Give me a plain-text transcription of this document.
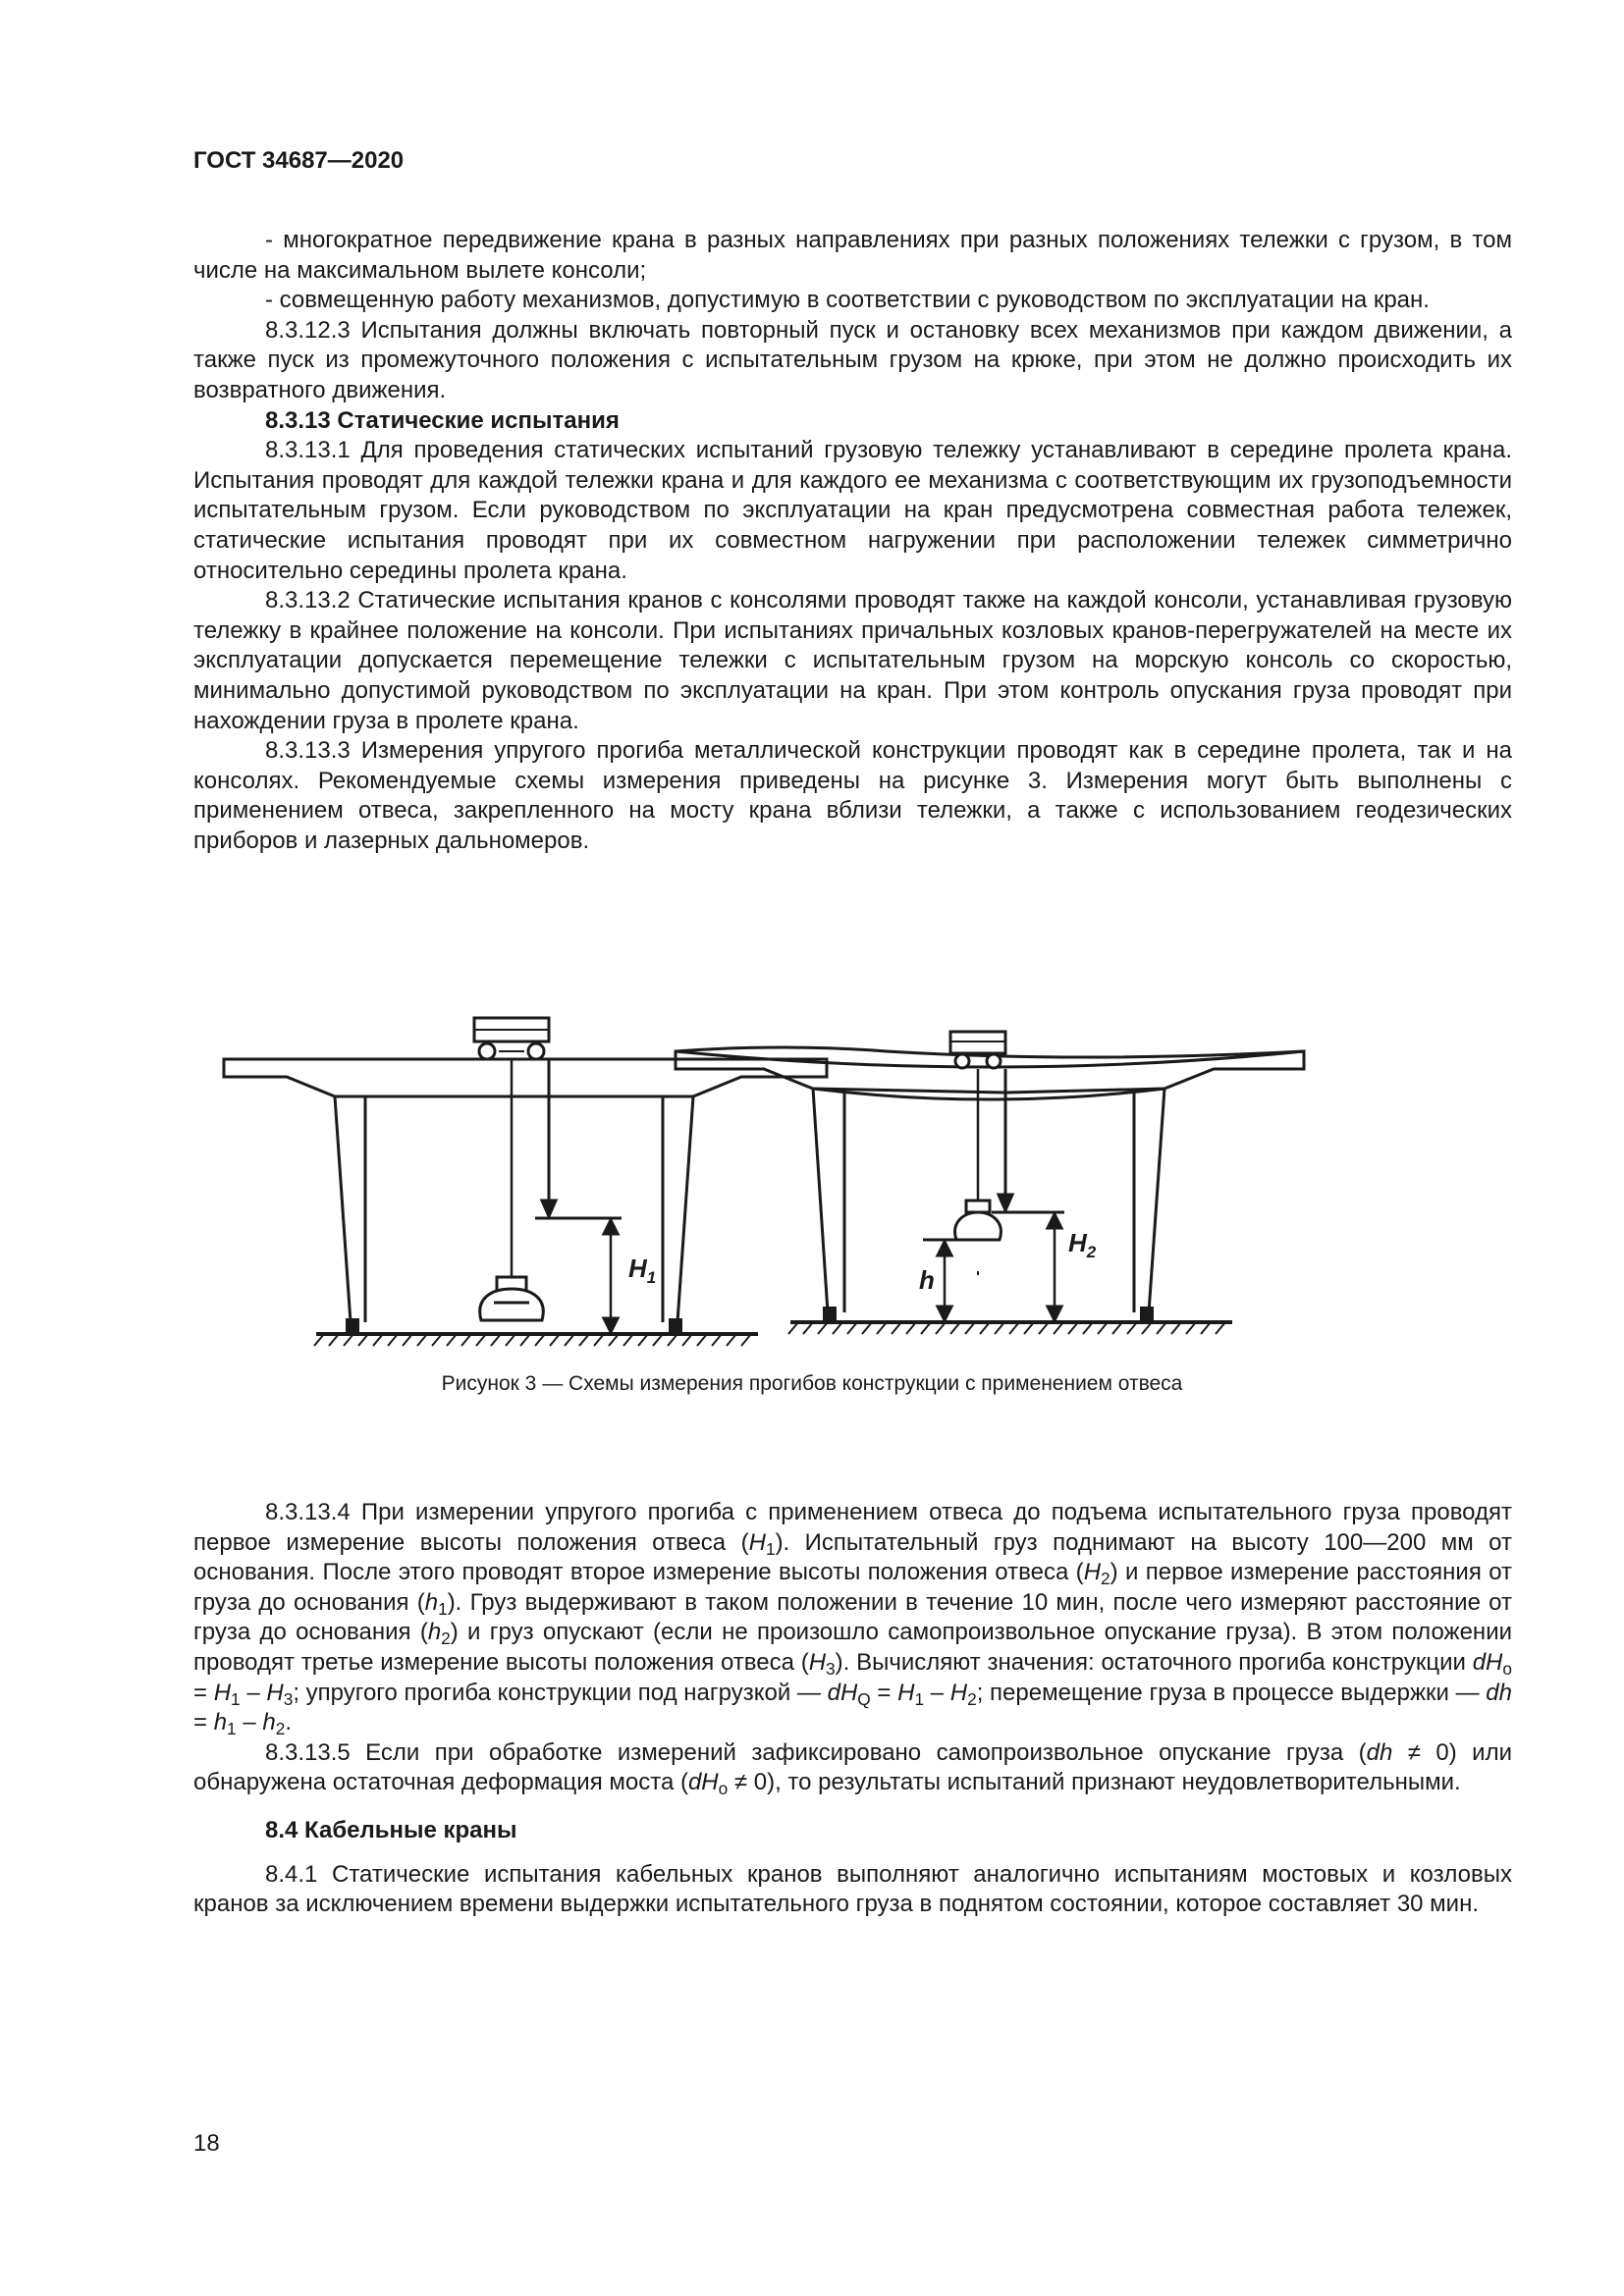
ГОСТ 34687—2020

- многократное передвижение крана в разных направлениях при разных положениях тележки с грузом, в том числе на максимальном вылете консоли;

- совмещенную работу механизмов, допустимую в соответствии с руководством по эксплуатации на кран.

8.3.12.3 Испытания должны включать повторный пуск и остановку всех механизмов при каждом движении, а также пуск из промежуточного положения с испытательным грузом на крюке, при этом не должно происходить их возвратного движения.

8.3.13 Статические испытания

8.3.13.1 Для проведения статических испытаний грузовую тележку устанавливают в середине пролета крана. Испытания проводят для каждой тележки крана и для каждого ее механизма с соответствующим их грузоподъемности испытательным грузом. Если руководством по эксплуатации на кран предусмотрена совместная работа тележек, статические испытания проводят при их совместном нагружении при расположении тележек симметрично относительно середины пролета крана.

8.3.13.2 Статические испытания кранов с консолями проводят также на каждой консоли, устанавливая грузовую тележку в крайнее положение на консоли. При испытаниях причальных козловых кранов-перегружателей на месте их эксплуатации допускается перемещение тележки с испытательным грузом на морскую консоль со скоростью, минимально допустимой руководством по эксплуатации на кран. При этом контроль опускания груза проводят при нахождении груза в пролете крана.

8.3.13.3 Измерения упругого прогиба металлической конструкции проводят как в середине пролета, так и на консолях. Рекомендуемые схемы измерения приведены на рисунке 3. Измерения могут быть выполнены с применением отвеса, закрепленного на мосту крана вблизи тележки, а также с использованием геодезических приборов и лазерных дальномеров.

$H_1$
$H_2$
h
Рисунок 3 — Схемы измерения прогибов конструкции с применением отвеса

8.3.13.4 При измерении упругого прогиба с применением отвеса до подъема испытательного груза проводят первое измерение высоты положения отвеса $(H_1)$. Испытательный груз поднимают на высоту 100—200 мм от основания. После этого проводят второе измерение высоты положения отвеса $(H_2)$ и первое измерение расстояния от груза до основания $(h_1)$. Груз выдерживают в таком положении в течение 10 мин, после чего измеряют расстояние от груза до основания $(h_2)$ и груз опускают (если не произошло самопроизвольное опускание груза). В этом положении проводят третье измерение высоты положения отвеса $(H_3)$. Вычисляют значения: остаточного прогиба конструкции $dH_o = H_1 - H_3$; упругого прогиба конструкции под нагрузкой — $dH_Q = H_1 - H_2$; перемещение груза в процессе выдержки — dh = $h_1 - h_2$.

8.3.13.5 Если при обработке измерений зафиксировано самопроизвольное опускание груза (dh ≠ 0) или обнаружена остаточная деформация моста $(dH_o \ne 0)$, то результаты испытаний признают неудовлетворительными.

8.4 Кабельные краны

8.4.1 Статические испытания кабельных кранов выполняют аналогично испытаниям мостовых и козловых кранов за исключением времени выдержки испытательного груза в поднятом состоянии, которое составляет 30 мин.

18
